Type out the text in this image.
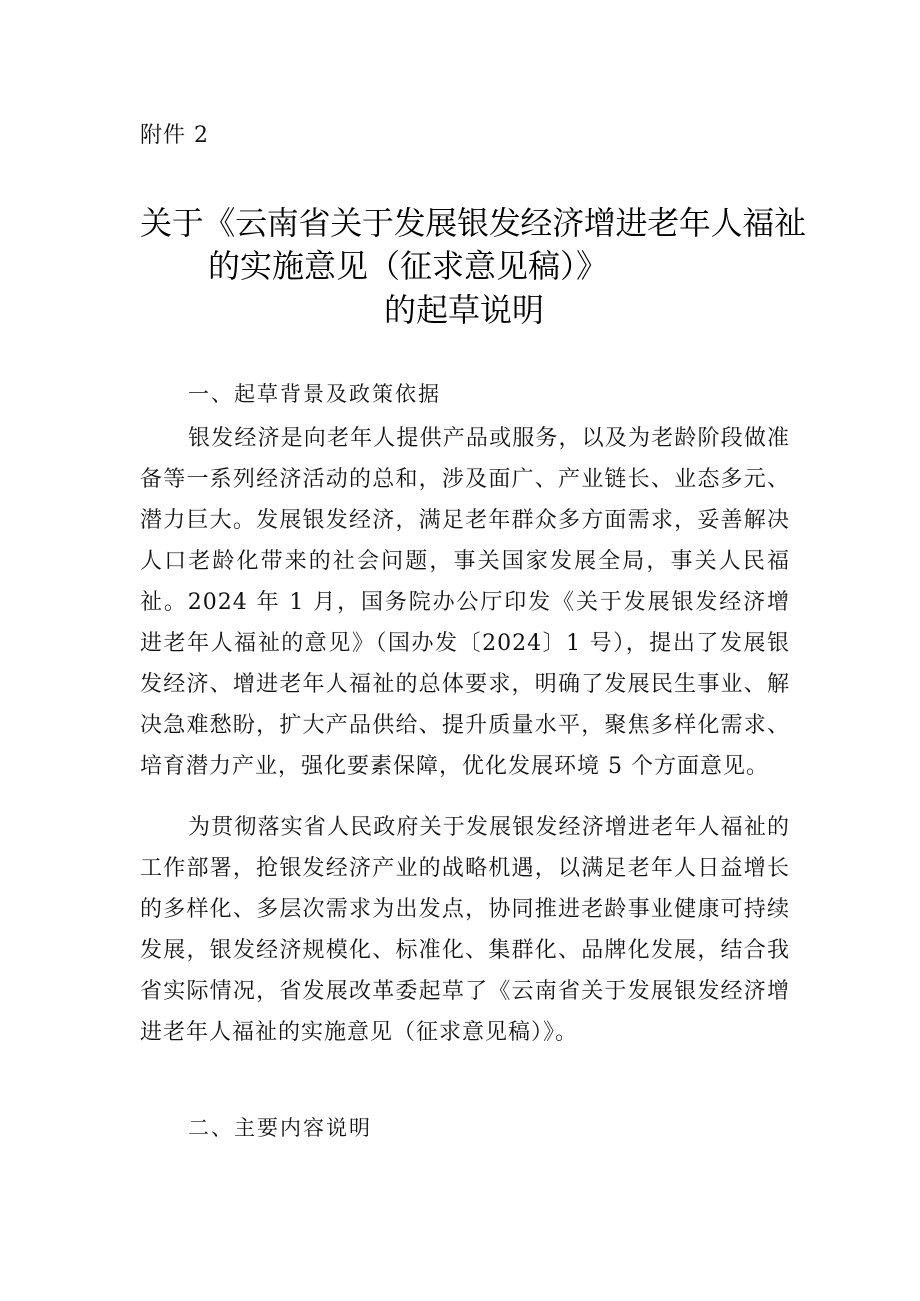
附件 2
关于《云南省关于发展银发经济增进老年人福祉
的实施意见（征求意见稿）》
的起草说明
一、起草背景及政策依据

银发经济是向老年人提供产品或服务，以及为老龄阶段做准备等一系列经济活动的总和，涉及面广、产业链长、业态多元、潜力巨大。发展银发经济，满足老年群众多方面需求，妥善解决人口老龄化带来的社会问题，事关国家发展全局，事关人民福祉。2024 年 1 月，国务院办公厅印发《关于发展银发经济增进老年人福祉的意见》（国办发〔2024〕1 号），提出了发展银发经济、增进老年人福祉的总体要求，明确了发展民生事业、解决急难愁盼，扩大产品供给、提升质量水平，聚焦多样化需求、培育潜力产业，强化要素保障，优化发展环境 5 个方面意见。

为贯彻落实省人民政府关于发展银发经济增进老年人福祉的工作部署，抢银发经济产业的战略机遇，以满足老年人日益增长的多样化、多层次需求为出发点，协同推进老龄事业健康可持续发展，银发经济规模化、标准化、集群化、品牌化发展，结合我省实际情况，省发展改革委起草了《云南省关于发展银发经济增进老年人福祉的实施意见（征求意见稿）》。

二、主要内容说明
